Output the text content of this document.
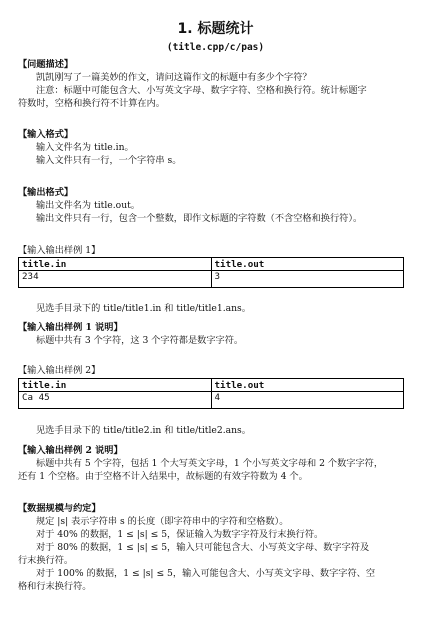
1. 标题统计
(title.cpp/c/pas)
【问题描述】
凯凯刚写了一篇美妙的作文，请问这篇作文的标题中有多少个字符？
注意：标题中可能包含大、小写英文字母、数字字符、空格和换行符。统计标题字
符数时，空格和换行符不计算在内。
【输入格式】
输入文件名为 title.in。
输入文件只有一行，一个字符串 s。
【输出格式】
输出文件名为 title.out。
输出文件只有一行，包含一个整数，即作文标题的字符数（不含空格和换行符）。
【输入输出样例 1】
title.in	title.out
234	3
见选手目录下的 title/title1.in 和 title/title1.ans。
【输入输出样例 1 说明】
标题中共有 3 个字符，这 3 个字符都是数字字符。
【输入输出样例 2】
title.in	title.out
Ca 45	4
见选手目录下的 title/title2.in 和 title/title2.ans。
【输入输出样例 2 说明】
标题中共有 5 个字符，包括 1 个大写英文字母，1 个小写英文字母和 2 个数字字符，
还有 1 个空格。由于空格不计入结果中，故标题的有效字符数为 4 个。
【数据规模与约定】
规定 |s| 表示字符串 s 的长度（即字符串中的字符和空格数）。
对于 40% 的数据，1 ≤ |s| ≤ 5，保证输入为数字字符及行末换行符。
对于 80% 的数据，1 ≤ |s| ≤ 5，输入只可能包含大、小写英文字母、数字字符及
行末换行符。
对于 100% 的数据，1 ≤ |s| ≤ 5，输入可能包含大、小写英文字母、数字字符、空
格和行末换行符。
